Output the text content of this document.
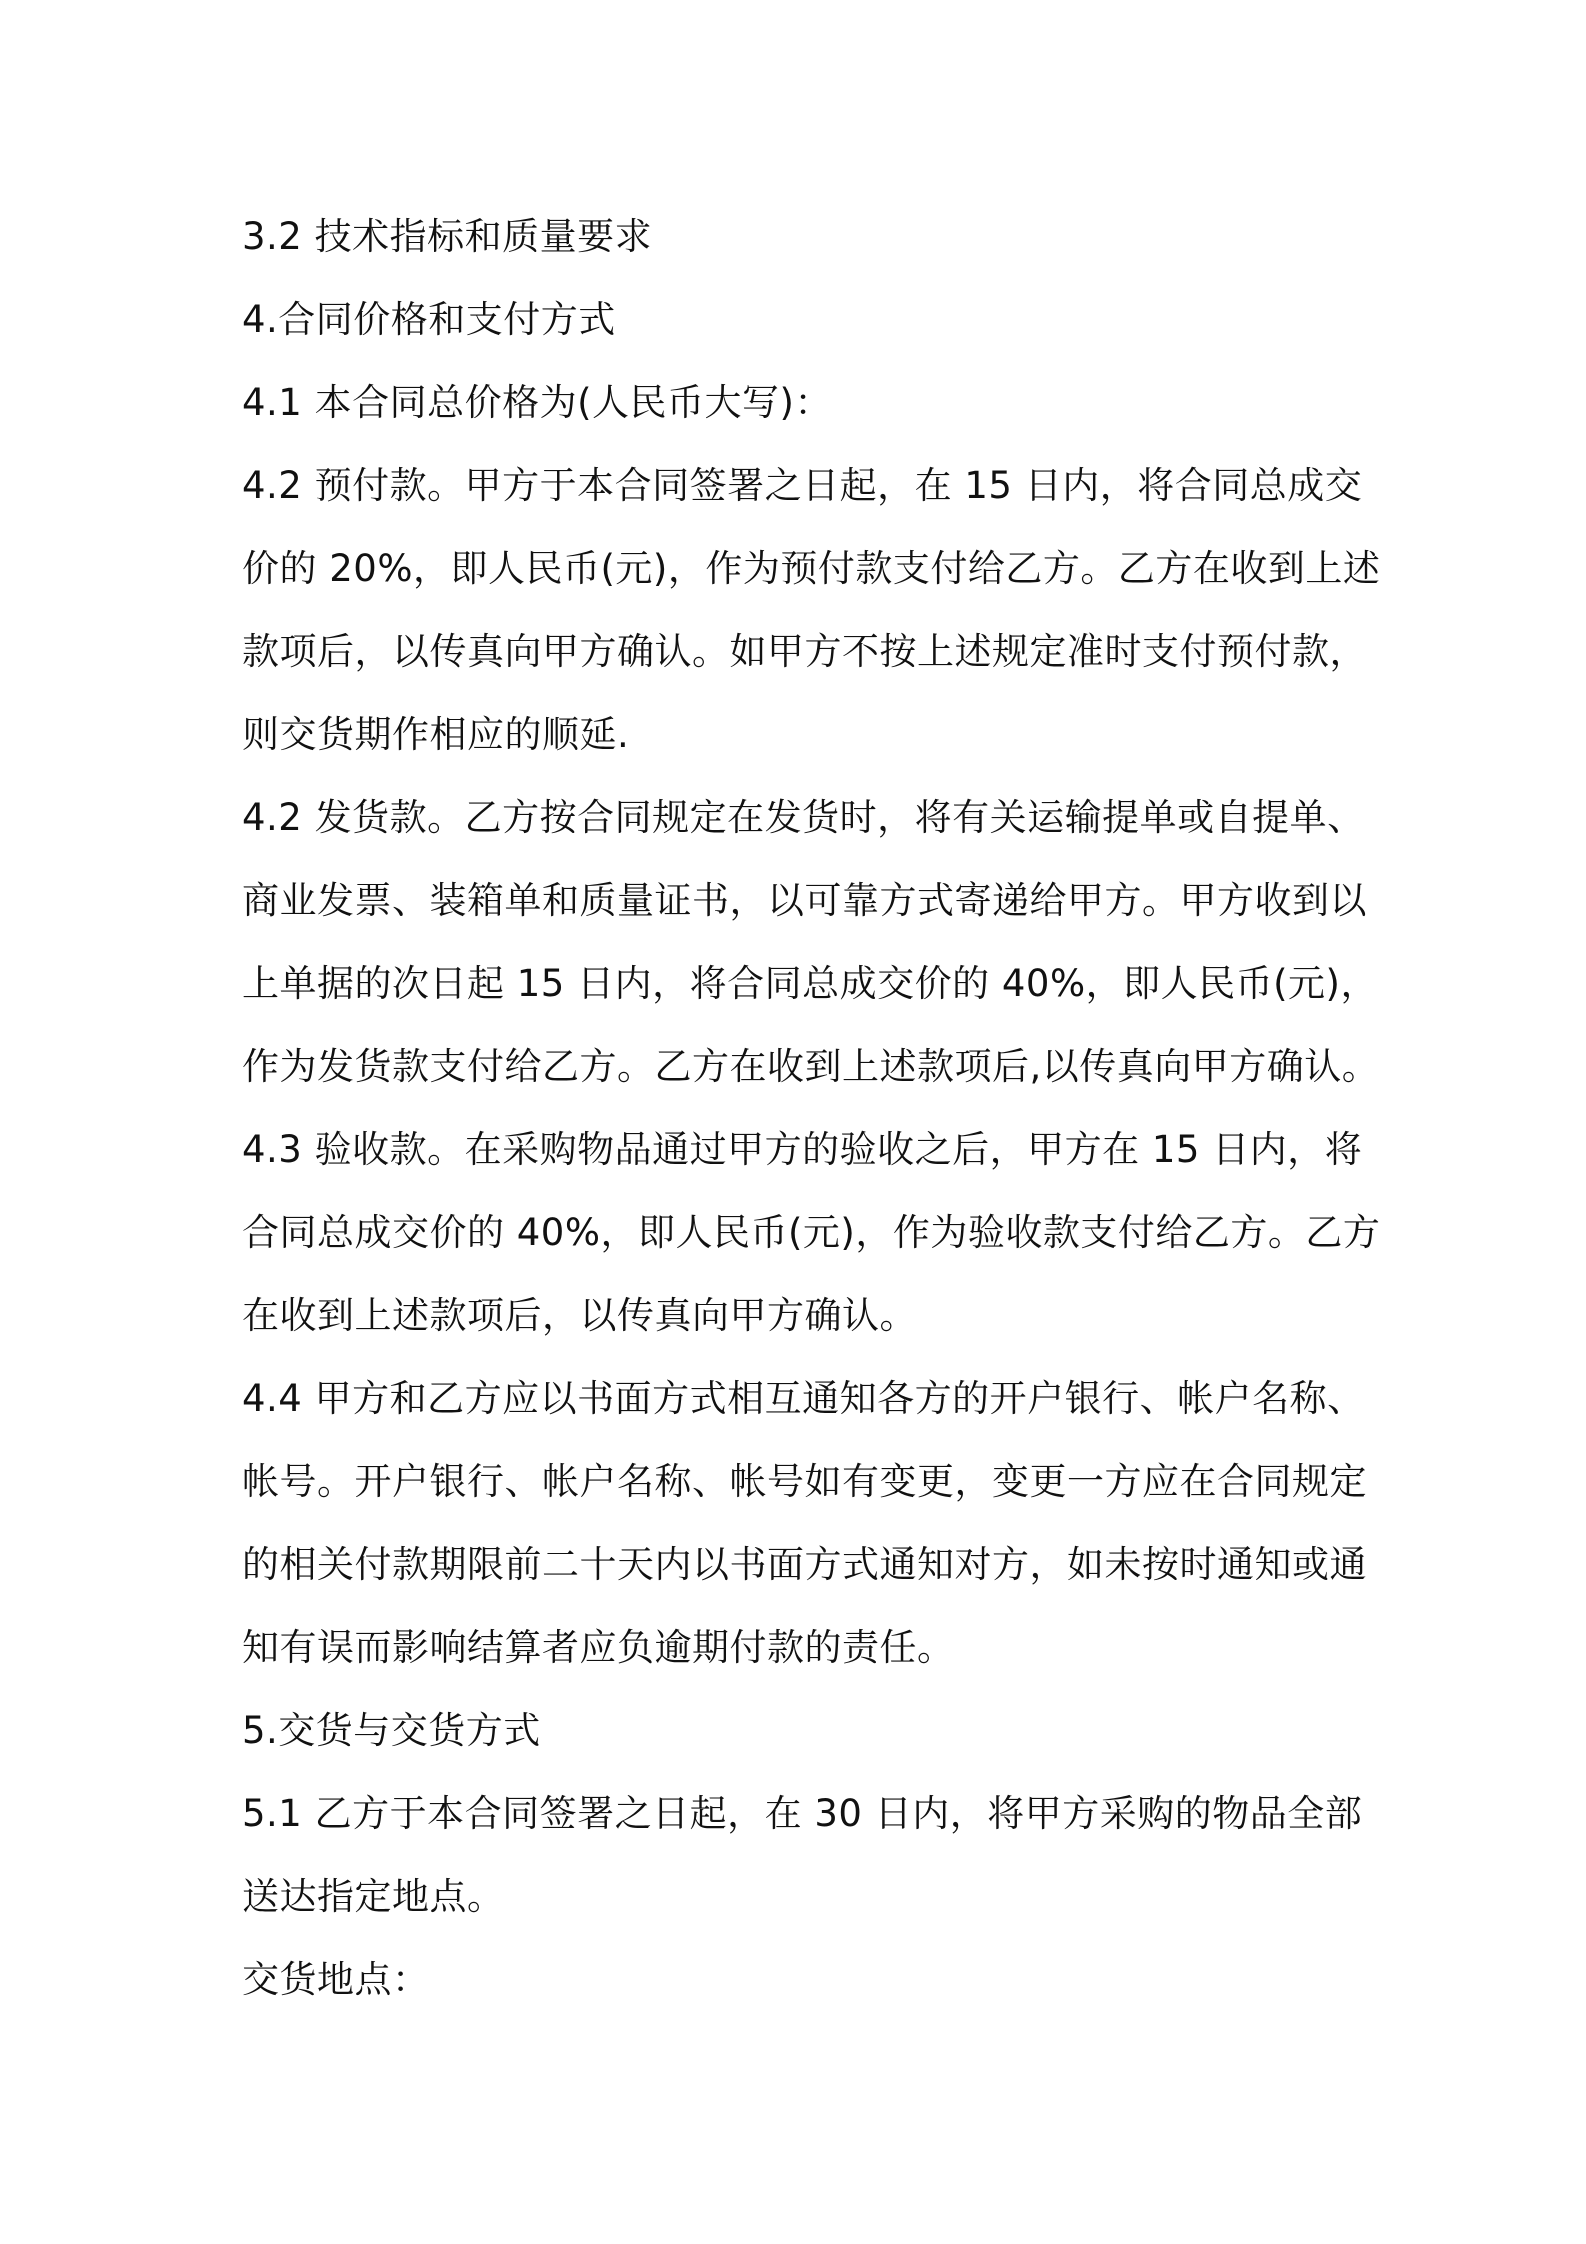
3.2 技术指标和质量要求
4.合同价格和支付方式
4.1 本合同总价格为(人民币大写)：
4.2 预付款。甲方于本合同签署之日起，在 15 日内，将合同总成交
价的 20%，即人民币(元)，作为预付款支付给乙方。乙方在收到上述
款项后，以传真向甲方确认。如甲方不按上述规定准时支付预付款，
则交货期作相应的顺延.
4.2 发货款。乙方按合同规定在发货时，将有关运输提单或自提单、
商业发票、装箱单和质量证书，以可靠方式寄递给甲方。甲方收到以
上单据的次日起 15 日内，将合同总成交价的 40%，即人民币(元)，
作为发货款支付给乙方。乙方在收到上述款项后,以传真向甲方确认。
4.3 验收款。在采购物品通过甲方的验收之后，甲方在 15 日内，将
合同总成交价的 40%，即人民币(元)，作为验收款支付给乙方。乙方
在收到上述款项后，以传真向甲方确认。
4.4 甲方和乙方应以书面方式相互通知各方的开户银行、帐户名称、
帐号。开户银行、帐户名称、帐号如有变更，变更一方应在合同规定
的相关付款期限前二十天内以书面方式通知对方，如未按时通知或通
知有误而影响结算者应负逾期付款的责任。
5.交货与交货方式
5.1 乙方于本合同签署之日起，在 30 日内，将甲方采购的物品全部
送达指定地点。
交货地点：
